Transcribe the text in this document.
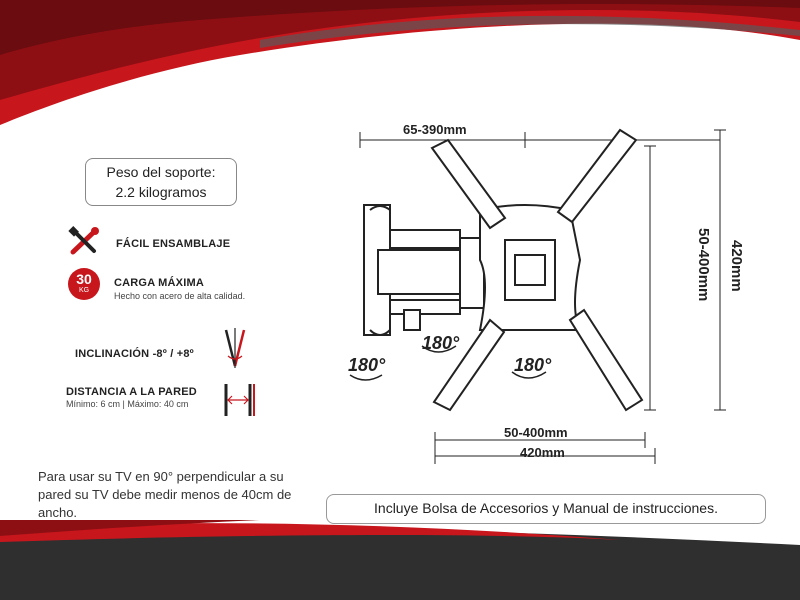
Peso del soporte:
2.2 kilogramos
FÁCIL ENSAMBLAJE
30
KG
CARGA MÁXIMA
Hecho con acero de alta calidad.
INCLINACIÓN -8º / +8º
DISTANCIA A LA PARED
Mínimo: 6 cm | Máximo: 40 cm
Para usar su TV en 90° perpendicular a su pared su TV debe medir menos de 40cm de ancho.	Incluye Bolsa de Accesorios y Manual de instrucciones.
65-390mm
50-400mm 420mm
50-400mm
420mm
180°
180°
180°
